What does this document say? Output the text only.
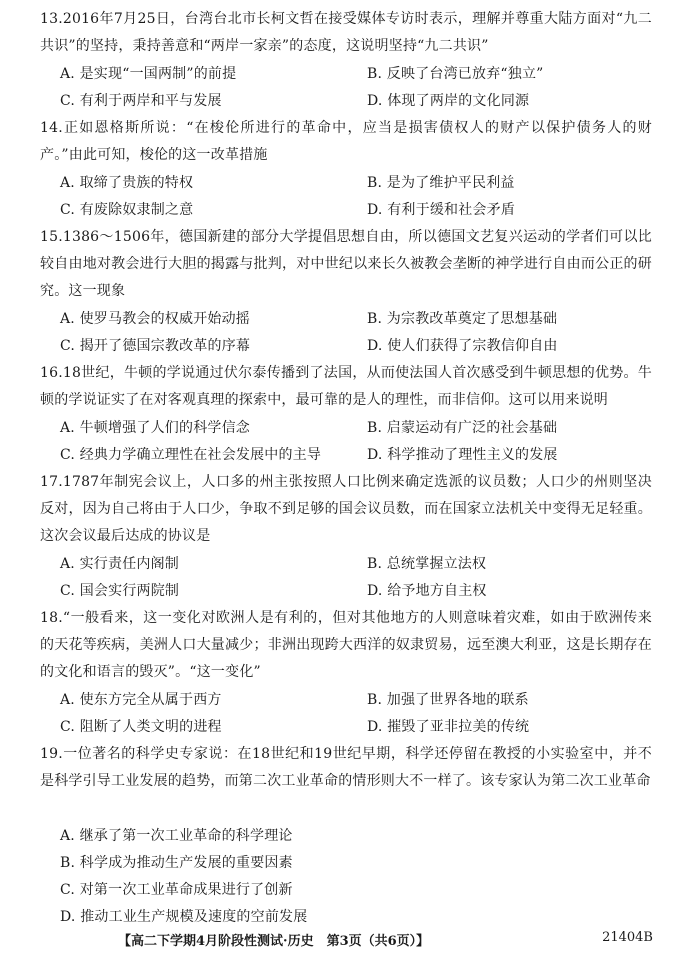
13.2016年7月25日，台湾台北市长柯文哲在接受媒体专访时表示，理解并尊重大陆方面对“九二共识”的坚持，秉持善意和“两岸一家亲”的态度，这说明坚持“九二共识”

A. 是实现“一国两制”的前提	B. 反映了台湾已放弃“独立”
C. 有利于两岸和平与发展	D. 体现了两岸的文化同源

14.正如恩格斯所说：“在梭伦所进行的革命中，应当是损害债权人的财产以保护债务人的财产。”由此可知，梭伦的这一改革措施

A. 取缔了贵族的特权	B. 是为了维护平民利益
C. 有废除奴隶制之意	D. 有利于缓和社会矛盾

15.1386～1506年，德国新建的部分大学提倡思想自由，所以德国文艺复兴运动的学者们可以比较自由地对教会进行大胆的揭露与批判，对中世纪以来长久被教会垄断的神学进行自由而公正的研究。这一现象

A. 使罗马教会的权威开始动摇	B. 为宗教改革奠定了思想基础
C. 揭开了德国宗教改革的序幕	D. 使人们获得了宗教信仰自由

16.18世纪，牛顿的学说通过伏尔泰传播到了法国，从而使法国人首次感受到牛顿思想的优势。牛顿的学说证实了在对客观真理的探索中，最可靠的是人的理性，而非信仰。这可以用来说明

A. 牛顿增强了人们的科学信念	B. 启蒙运动有广泛的社会基础
C. 经典力学确立理性在社会发展中的主导	D. 科学推动了理性主义的发展

17.1787年制宪会议上，人口多的州主张按照人口比例来确定选派的议员数；人口少的州则坚决反对，因为自己将由于人口少，争取不到足够的国会议员数，而在国家立法机关中变得无足轻重。这次会议最后达成的协议是

A. 实行责任内阁制	B. 总统掌握立法权
C. 国会实行两院制	D. 给予地方自主权

18.“一般看来，这一变化对欧洲人是有利的，但对其他地方的人则意味着灾难，如由于欧洲传来的天花等疾病，美洲人口大量减少；非洲出现跨大西洋的奴隶贸易，远至澳大利亚，这是长期存在的文化和语言的毁灭”。“这一变化”

A. 使东方完全从属于西方	B. 加强了世界各地的联系
C. 阻断了人类文明的进程	D. 摧毁了亚非拉美的传统

19.一位著名的科学史专家说：在18世纪和19世纪早期，科学还停留在教授的小实验室中，并不是科学引导工业发展的趋势，而第二次工业革命的情形则大不一样了。该专家认为第二次工业革命

A. 继承了第一次工业革命的科学理论
B. 科学成为推动生产发展的重要因素
C. 对第一次工业革命成果进行了创新
D. 推动工业生产规模及速度的空前发展
【高二下学期4月阶段性测试·历史　第3页（共6页）】	21404B
